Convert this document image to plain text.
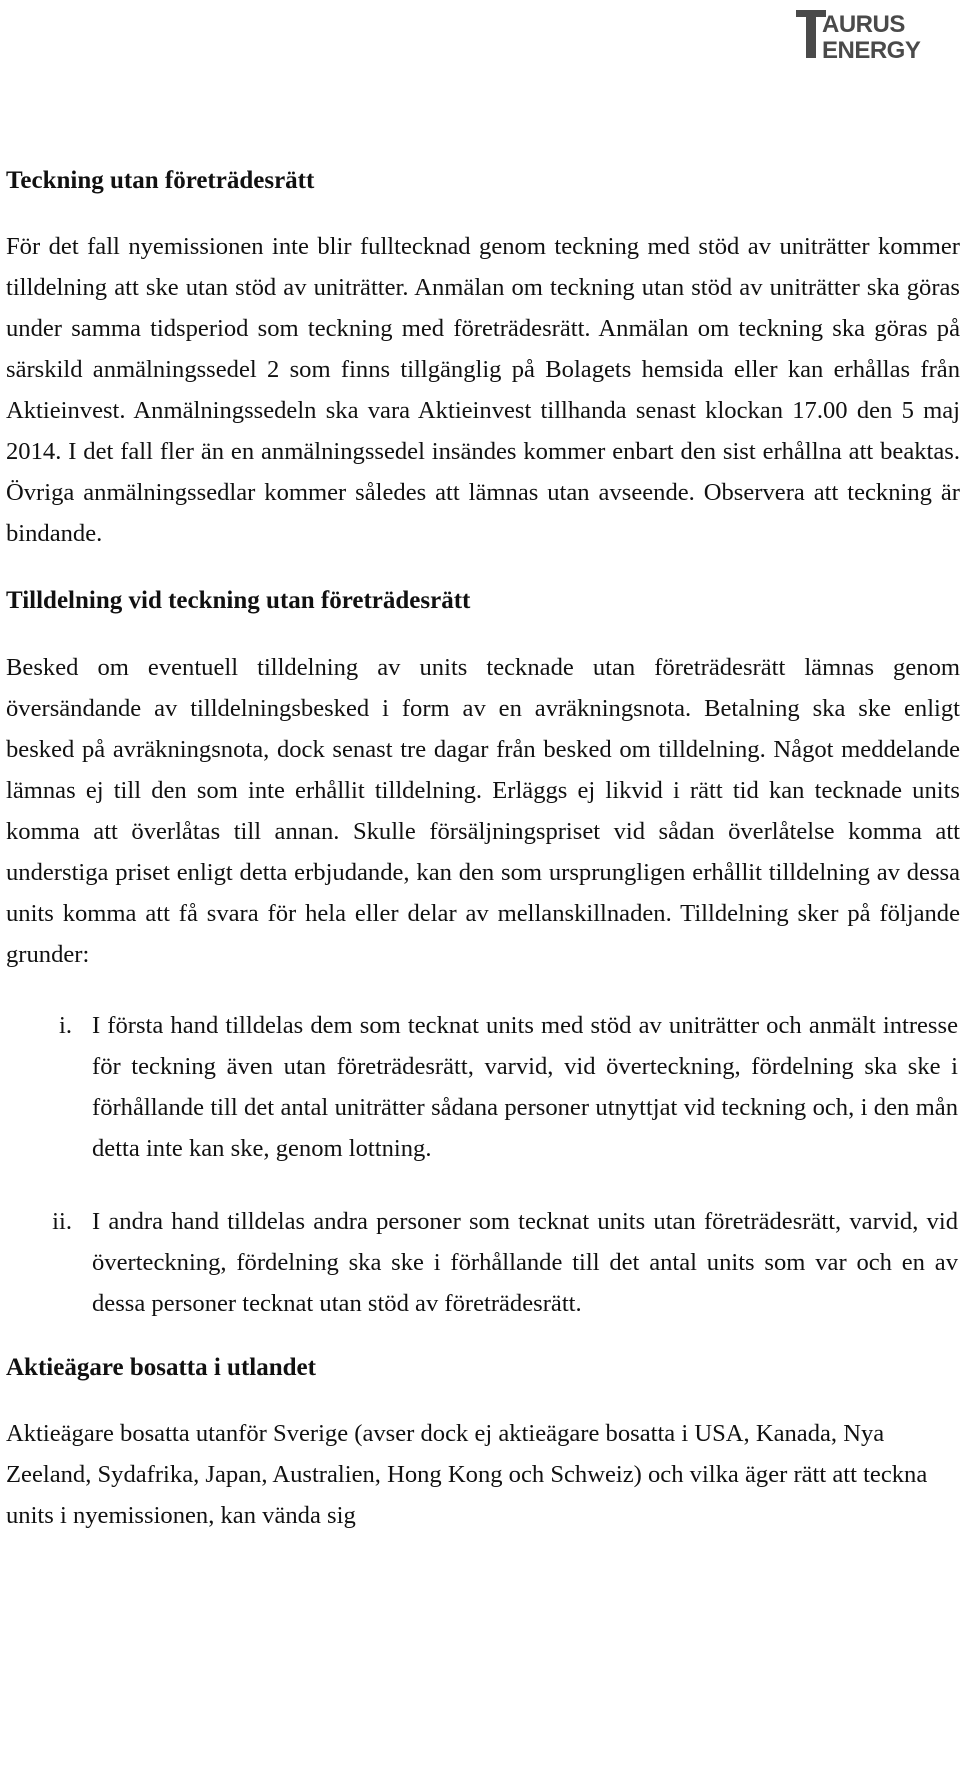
AURUS
ENERGY
Teckning utan företrädesrätt

För det fall nyemissionen inte blir fulltecknad genom teckning med stöd av uniträtter kommer tilldelning att ske utan stöd av uniträtter. Anmälan om teckning utan stöd av uniträtter ska göras under samma tidsperiod som teckning med företrädesrätt. Anmälan om teckning ska göras på särskild anmälningssedel 2 som finns tillgänglig på Bolagets hemsida eller kan erhållas från Aktieinvest. Anmälningssedeln ska vara Aktieinvest tillhanda senast klockan 17.00 den 5 maj 2014. I det fall fler än en anmälningssedel insändes kommer enbart den sist erhållna att beaktas. Övriga anmälningssedlar kommer således att lämnas utan avseende. Observera att teckning är bindande.

Tilldelning vid teckning utan företrädesrätt

Besked om eventuell tilldelning av units tecknade utan företrädesrätt lämnas genom översändande av tilldelningsbesked i form av en avräkningsnota. Betalning ska ske enligt besked på avräkningsnota, dock senast tre dagar från besked om tilldelning. Något meddelande lämnas ej till den som inte erhållit tilldelning. Erläggs ej likvid i rätt tid kan tecknade units komma att överlåtas till annan. Skulle försäljningspriset vid sådan överlåtelse komma att understiga priset enligt detta erbjudande, kan den som ursprungligen erhållit tilldelning av dessa units komma att få svara för hela eller delar av mellanskillnaden. Tilldelning sker på följande grunder:

i. I första hand tilldelas dem som tecknat units med stöd av uniträtter och anmält intresse för teckning även utan företrädesrätt, varvid, vid överteckning, fördelning ska ske i förhållande till det antal uniträtter sådana personer utnyttjat vid teckning och, i den mån detta inte kan ske, genom lottning.
ii. I andra hand tilldelas andra personer som tecknat units utan företrädesrätt, varvid, vid överteckning, fördelning ska ske i förhållande till det antal units som var och en av dessa personer tecknat utan stöd av företrädesrätt.
Aktieägare bosatta i utlandet

Aktieägare bosatta utanför Sverige (avser dock ej aktieägare bosatta i USA, Kanada, Nya Zeeland, Sydafrika, Japan, Australien, Hong Kong och Schweiz) och vilka äger rätt att teckna units i nyemissionen, kan vända sig
